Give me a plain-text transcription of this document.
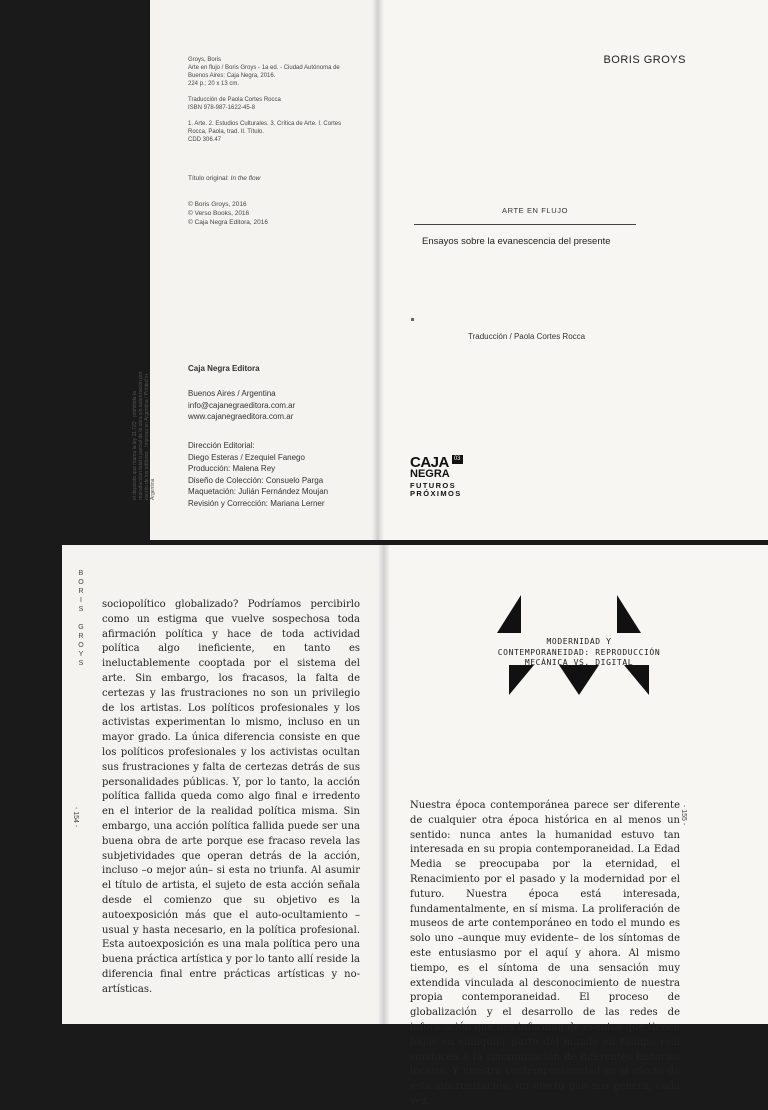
Groys, Boris
Arte en flujo / Boris Groys - 1a ed. - Ciudad Autónoma de
Buenos Aires: Caja Negra, 2016.
224 p.; 20 x 13 cm.
Traducción de Paola Cortes Rocca
ISBN 978-987-1622-45-8
1. Arte. 2. Estudios Culturales. 3. Crítica de Arte. I. Cortes
Rocca, Paola, trad. II. Título.
CDD 306.47
Título original: In the flow
© Boris Groys, 2016
© Verso Books, 2016
© Caja Negra Editora, 2016
Caja Negra Editora
Buenos Aires / Argentina
info@cajanegraeditora.com.ar
www.cajanegraeditora.com.ar
Dirección Editorial:
Diego Esteras / Ezequiel Fanego
Producción: Malena Rey
Diseño de Colección: Consuelo Parga
Maquetación: Julián Fernández Moujan
Revisión y Corrección: Mariana Lerner
el depósito que marca la ley 11.723 · prohibida la reproducción total o parcial de la obra sin autorización por escrito de los editores · Impreso en Argentina / Printed in Argentina
BORIS GROYS
ARTE EN FLUJO
Ensayos sobre la evanescencia del presente
Traducción / Paola Cortes Rocca
CAJA 03
NEGRA
FUTUROS
PRÓXIMOS
B
O
R
I
S

G
R
O
Y
S
- 154 -
sociopolítico globalizado? Podríamos percibirlo como un estigma que vuelve sospechosa toda afirmación política y hace de toda actividad política algo ineficiente, en tanto es ineluctablemente cooptada por el sistema del arte. Sin embargo, los fracasos, la falta de certezas y las frustraciones no son un privilegio de los artistas. Los políticos profesionales y los activistas experimentan lo mismo, incluso en un mayor grado. La única diferencia consiste en que los políticos profesionales y los activistas ocultan sus frustraciones y falta de certezas detrás de sus personalidades públicas. Y, por lo tanto, la acción política fallida queda como algo final e irredento en el interior de la realidad política misma. Sin embargo, una acción política fallida puede ser una buena obra de arte porque ese fracaso revela las subjetividades que operan detrás de la acción, incluso –o mejor aún– si esta no triunfa. Al asumir el título de artista, el sujeto de esta acción señala desde el comienzo que su objetivo es la autoexposición más que el auto-ocultamiento –usual y hasta necesario, en la política profesional. Esta autoexposición es una mala política pero una buena práctica artística y por lo tanto allí reside la diferencia final entre prácticas artísticas y no-artísticas.
MODERNIDAD Y
CONTEMPORANEIDAD: REPRODUCCIÓN
MECÁNICA VS. DIGITAL
- 155 -
Nuestra época contemporánea parece ser diferente de cualquier otra época histórica en al menos un sentido: nunca antes la humanidad estuvo tan interesada en su propia contemporaneidad. La Edad Media se preocupaba por la eternidad, el Renacimiento por el pasado y la modernidad por el futuro. Nuestra época está interesada, fundamentalmente, en sí misma. La proliferación de museos de arte contemporáneo en todo el mundo es solo uno –aunque muy evidente– de los síntomas de este entusiasmo por el aquí y ahora. Al mismo tiempo, es el síntoma de una sensación muy extendida vinculada al desconocimiento de nuestra propia contemporaneidad. El proceso de globalización y el desarrollo de las redes de información que nos informan de eventos que tienen lugar en cualquier parte del mundo en tiempo real conducen a la sincronización de diferentes historias locales. Y nuestra contemporaneidad es el efecto de esta sincronización, un efecto que nos genera, cada vez,
